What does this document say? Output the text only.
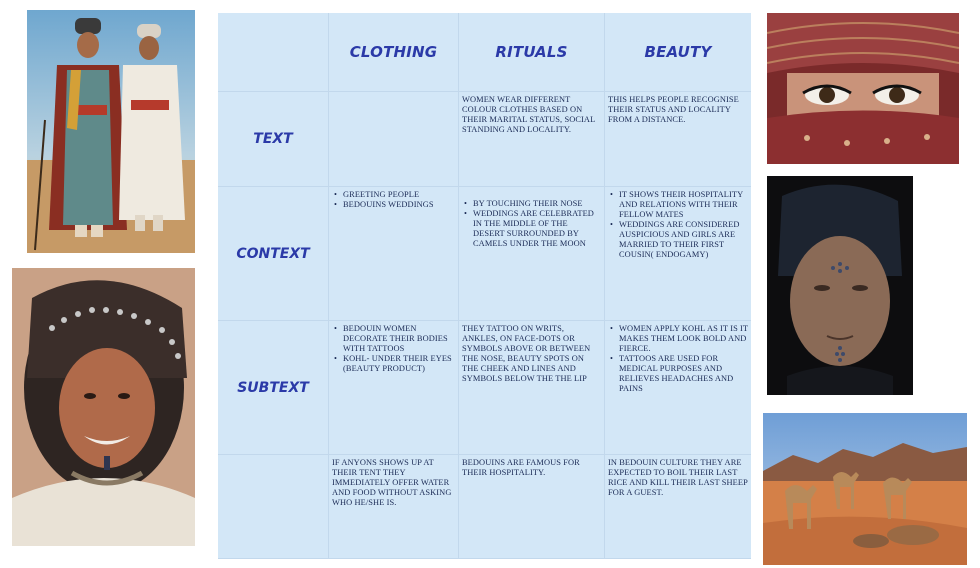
CLOTHING	RITUALS	BEAUTY
TEXT
WOMEN WEAR DIFFERENT COLOUR CLOTHES BASED ON THEIR MARITAL STATUS, SOCIAL STANDING AND LOCALITY.
THIS HELPS PEOPLE RECOGNISE THEIR STATUS AND LOCALITY FROM A DISTANCE.
CONTEXT
• GREETING PEOPLE
• BEDOUINS WEDDINGS
•	BY TOUCHING THEIR NOSE
• WEDDINGS ARE CELEBRATED IN THE MIDDLE OF THE DESERT SURROUNDED BY CAMELS UNDER THE MOON
• IT SHOWS THEIR HOSPITALITY AND RELATIONS WITH THEIR FELLOW MATES
• WEDDINGS ARE CONSIDERED AUSPICIOUS AND GIRLS ARE MARRIED TO THEIR FIRST COUSIN( ENDOGAMY)
SUBTEXT
• BEDOUIN WOMEN DECORATE THEIR BODIES WITH TATTOOS
• KOHL- UNDER THEIR EYES (BEAUTY PRODUCT)
THEY TATTOO ON WRITS, ANKLES, ON FACE-DOTS OR SYMBOLS ABOVE OR BETWEEN THE NOSE, BEAUTY SPOTS ON THE CHEEK AND LINES AND SYMBOLS BELOW THE THE LIP
• WOMEN APPLY KOHL AS IT IS IT MAKES THEM LOOK BOLD AND FIERCE.
• TATTOOS ARE USED FOR MEDICAL PURPOSES AND RELIEVES HEADACHES AND PAINS
IF ANYONS SHOWS UP AT THEIR TENT THEY IMMEDIATELY OFFER WATER AND FOOD WITHOUT ASKING WHO HE/SHE IS.
BEDOUINS ARE FAMOUS FOR THEIR HOSPITALITY.
IN BEDOUIN CULTURE THEY ARE EXPECTED TO BOIL THEIR LAST RICE AND KILL THEIR LAST SHEEP FOR A GUEST.
